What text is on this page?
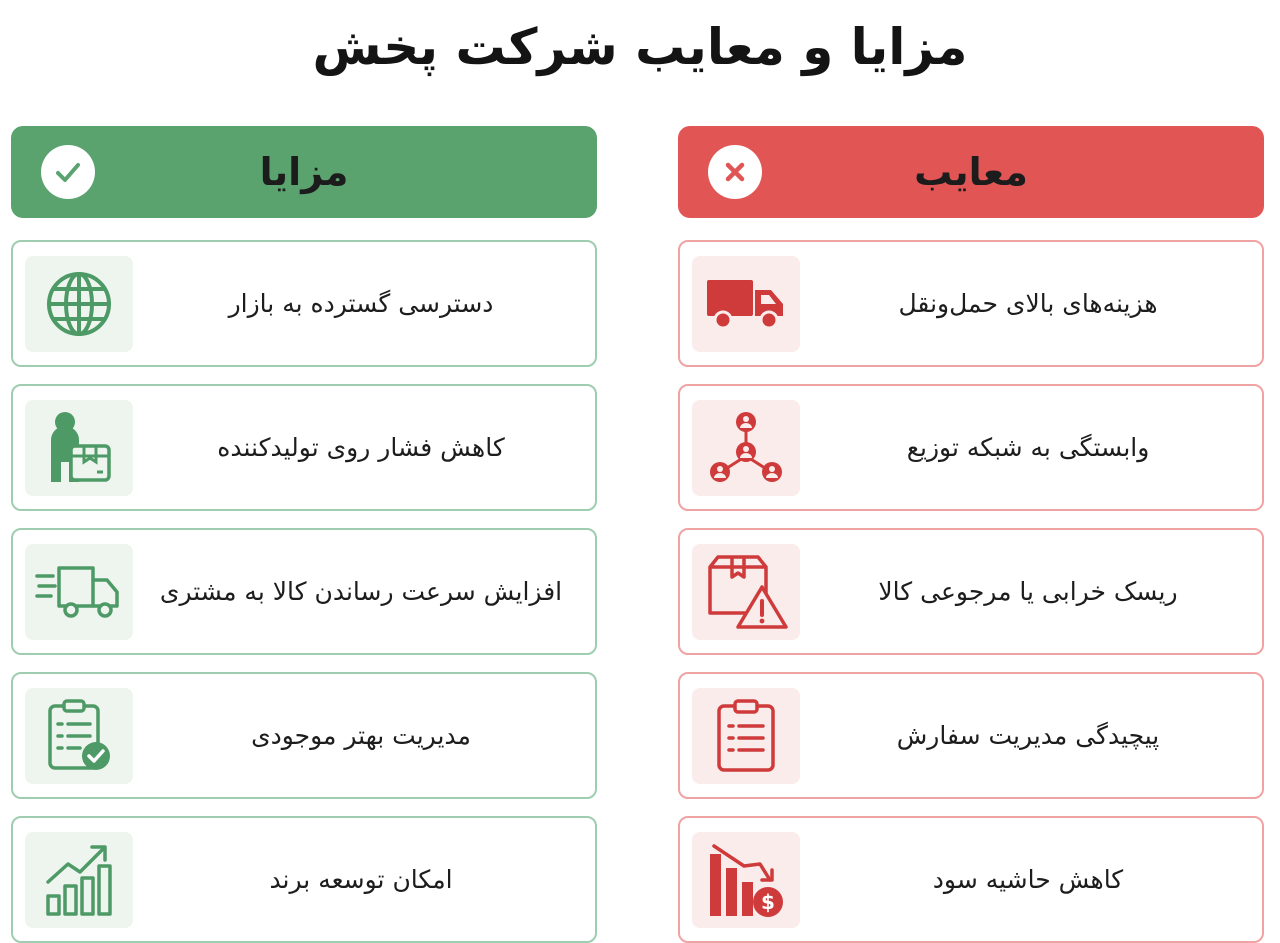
مزایا و معایب شرکت پخش
مزایا
دسترسی گسترده به بازار
کاهش فشار روی تولیدکننده
افزایش سرعت رساندن کالا به مشتری
مدیریت بهتر موجودی
امکان توسعه برند
معایب
هزینه‌های بالای حمل‌ونقل
وابستگی به شبکه توزیع
ریسک خرابی یا مرجوعی کالا
پیچیدگی مدیریت سفارش
$
کاهش حاشیه سود
